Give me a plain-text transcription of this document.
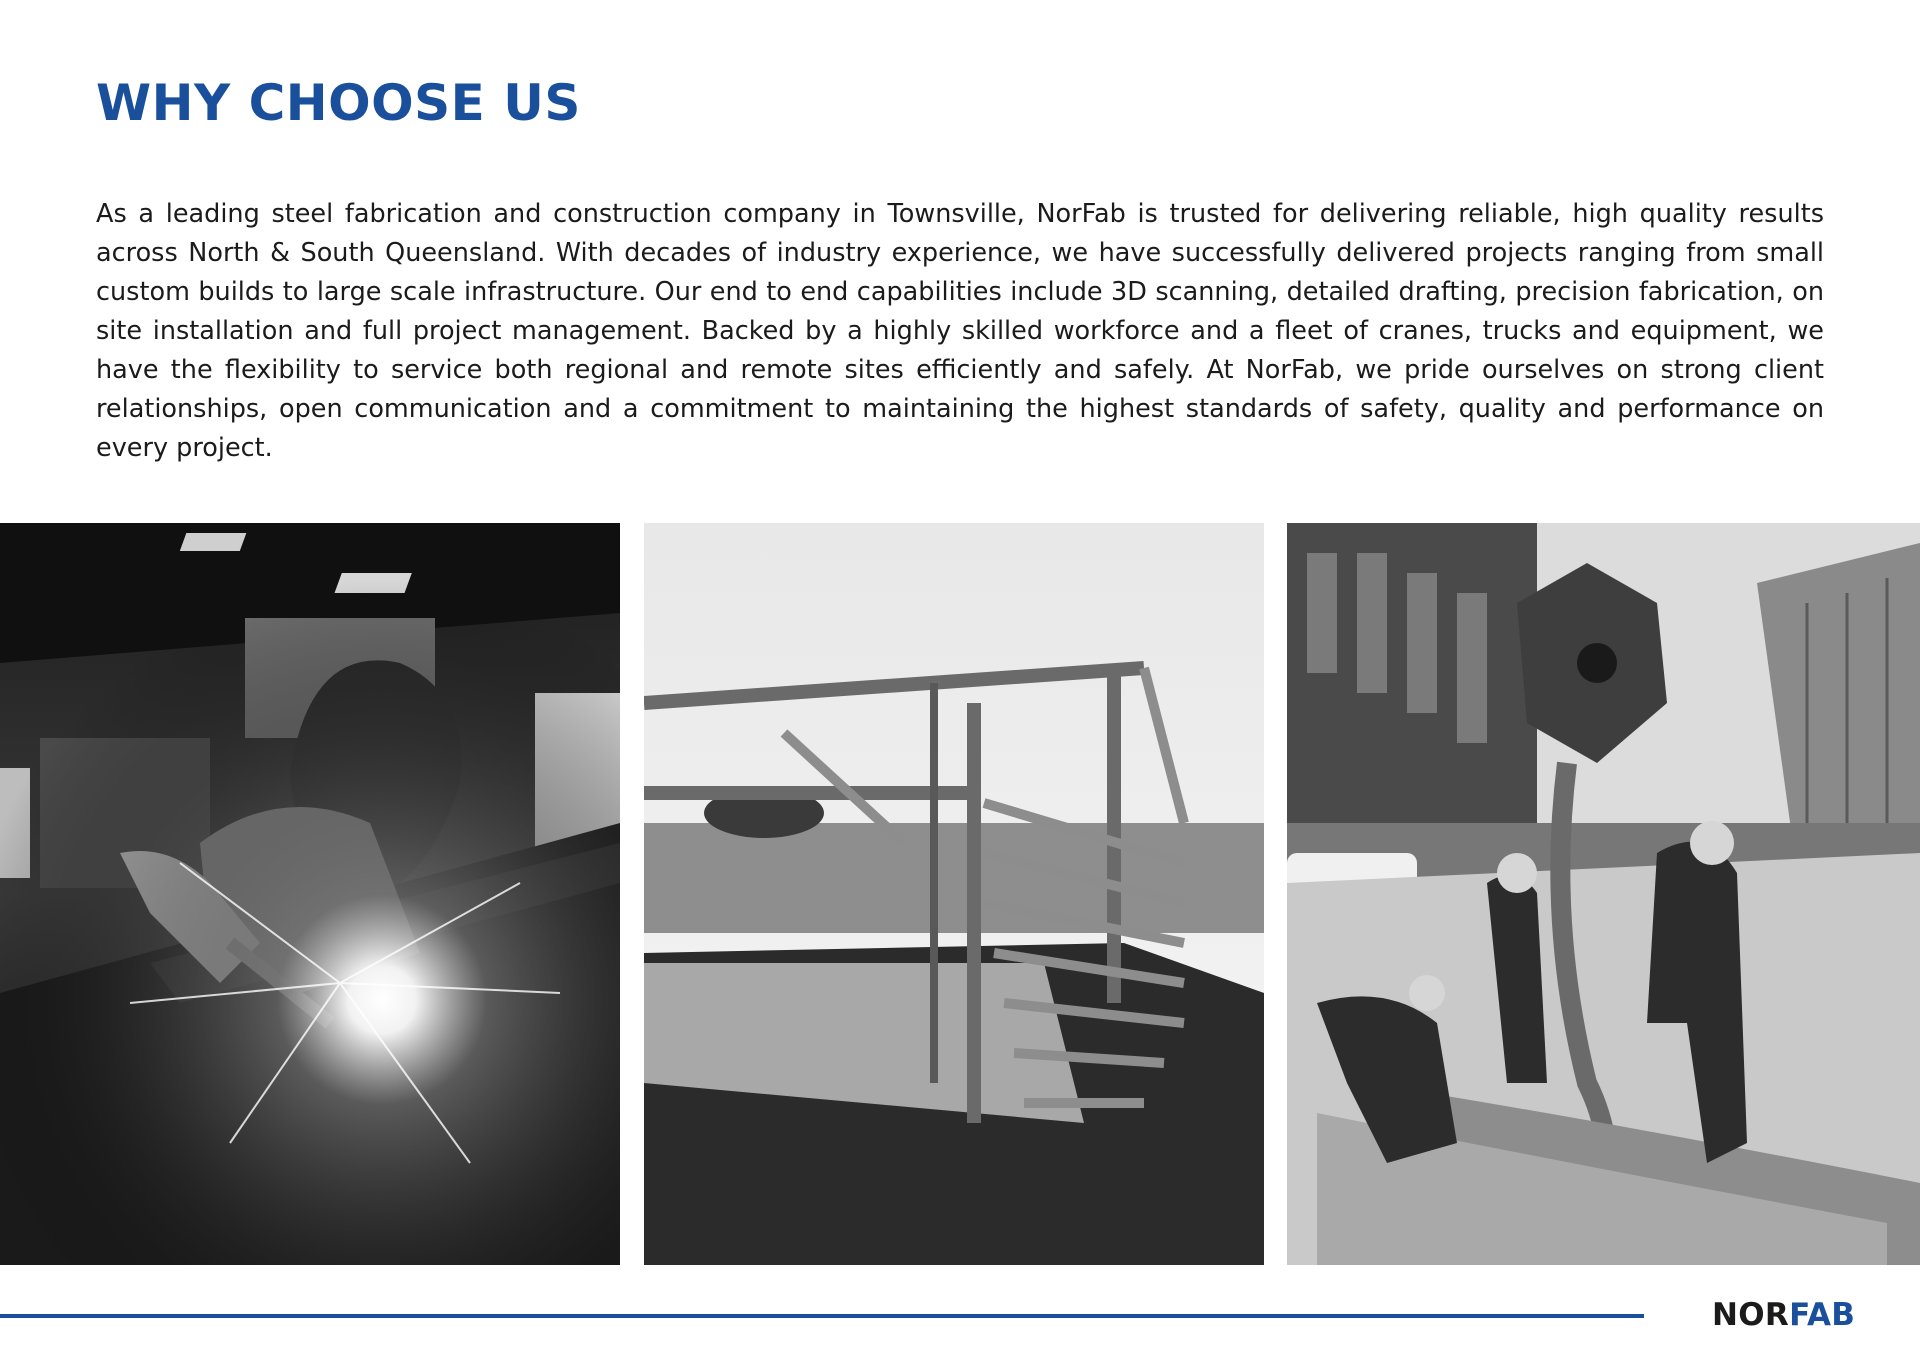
WHY CHOOSE US

As a leading steel fabrication and construction company in Townsville, NorFab is trusted for delivering reliable, high quality results across North & South Queensland. With decades of industry experience, we have successfully delivered projects ranging from small custom builds to large scale infrastructure. Our end to end capabilities include 3D scanning, detailed drafting, precision fabrication, on site installation and full project management. Backed by a highly skilled workforce and a fleet of cranes, trucks and equipment, we have the flexibility to service both regional and remote sites efficiently and safely. At NorFab, we pride ourselves on strong client relationships, open communication and a commitment to maintaining the highest standards of safety, quality and performance on every project.

NORFAB
